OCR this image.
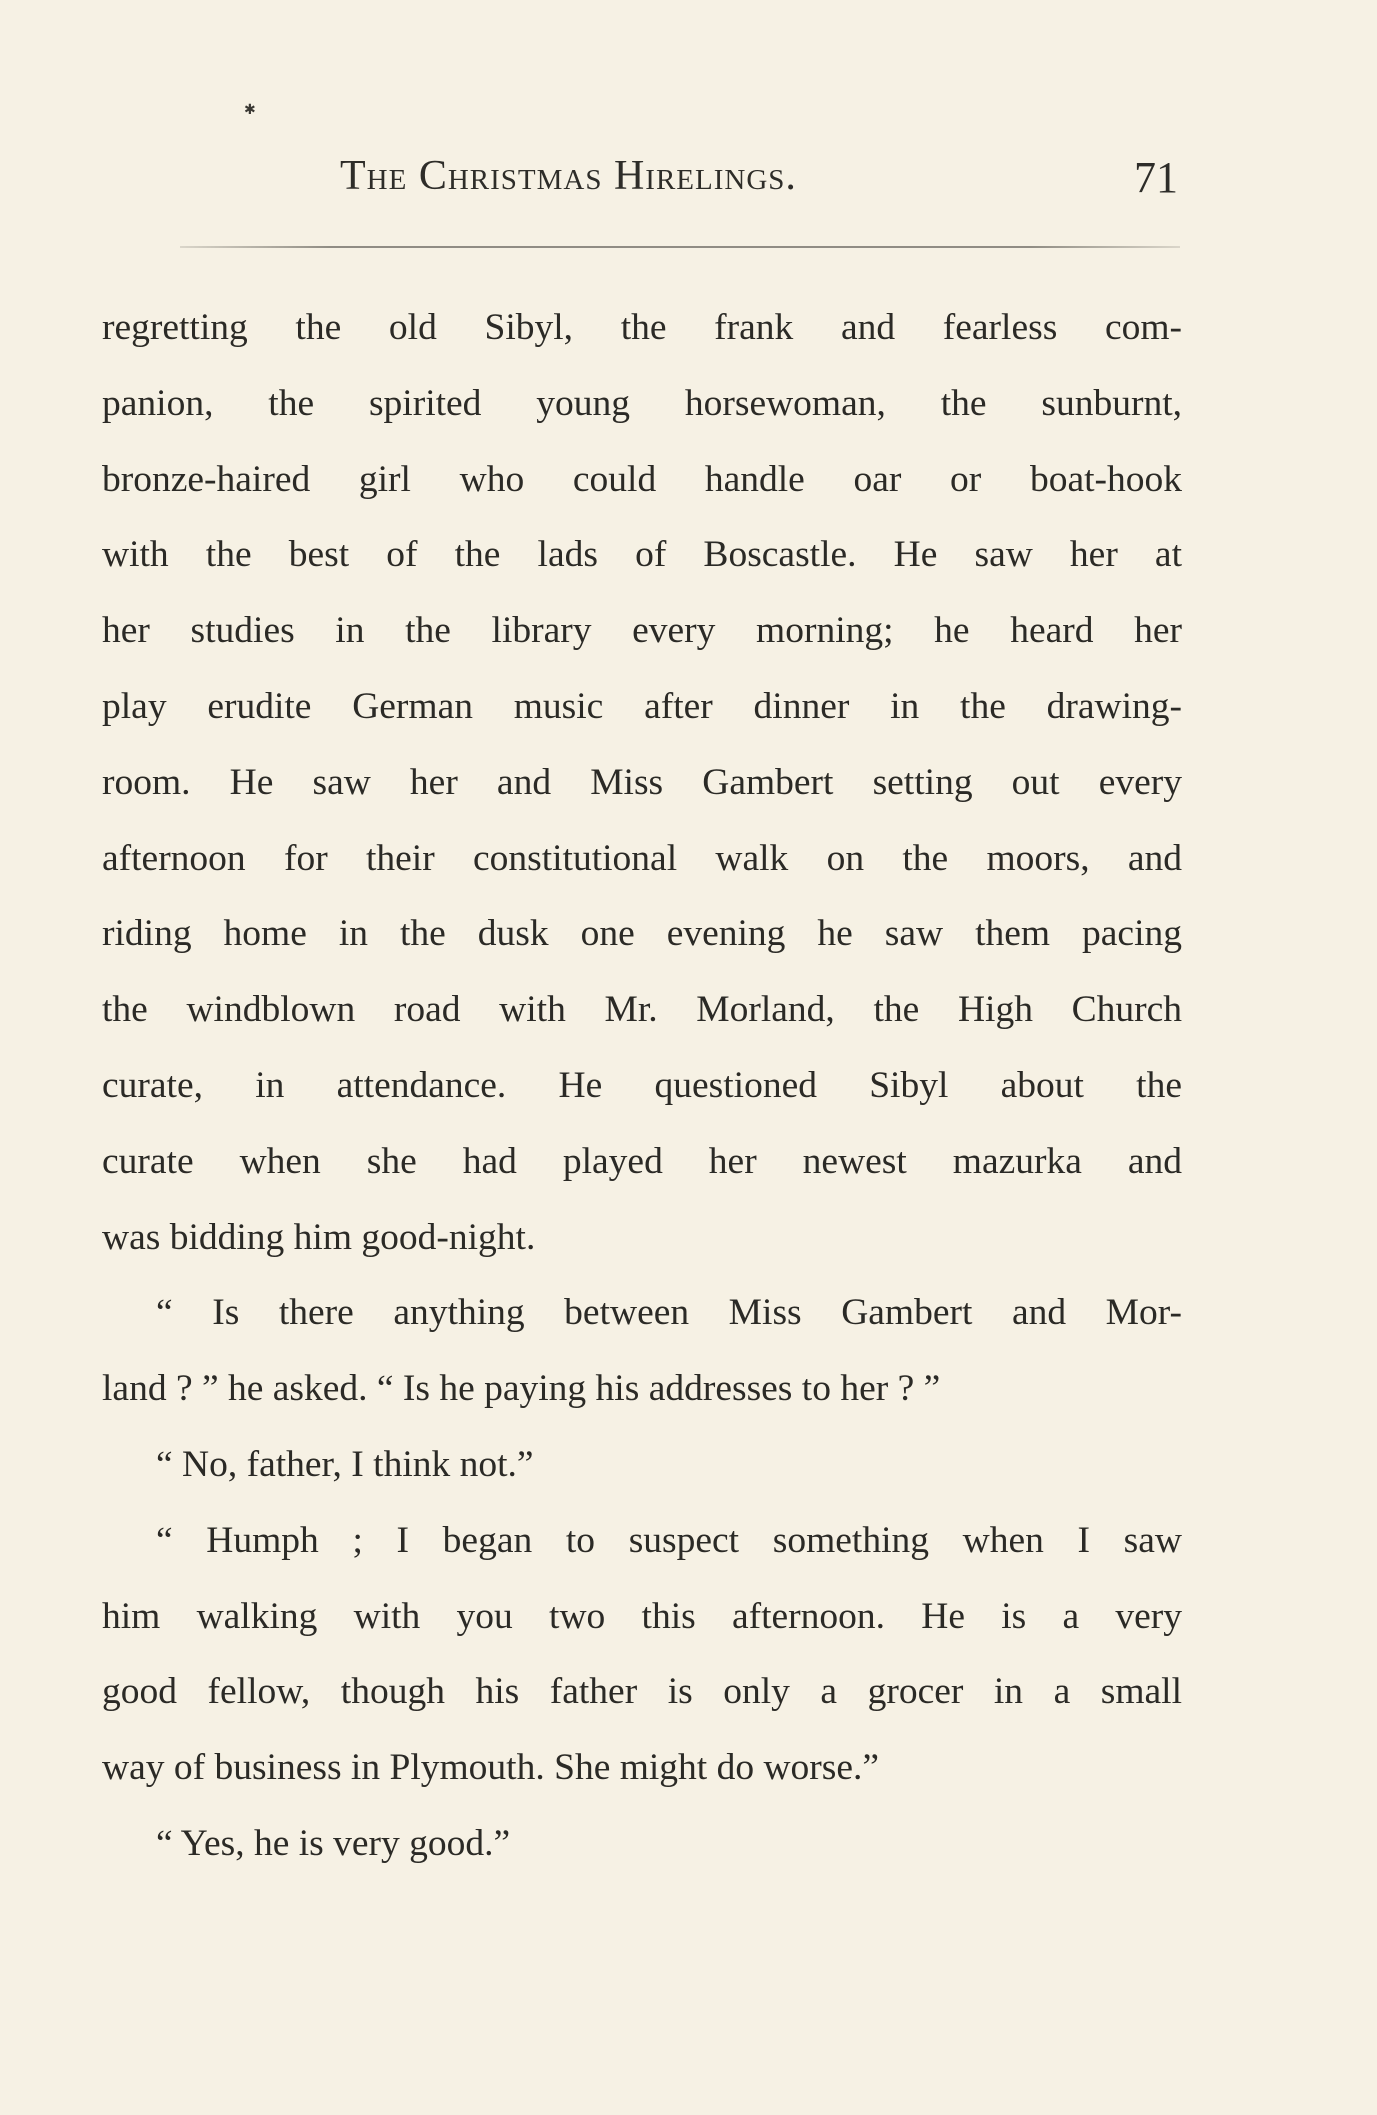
✱
The Christmas Hirelings.	71
regretting the old Sibyl, the frank and fearless com-
panion, the spirited young horsewoman, the sunburnt,
bronze-haired girl who could handle oar or boat-hook
with the best of the lads of Boscastle. He saw her at
her studies in the library every morning; he heard her
play erudite German music after dinner in the drawing-
room. He saw her and Miss Gambert setting out every
afternoon for their constitutional walk on the moors, and
riding home in the dusk one evening he saw them pacing
the windblown road with Mr. Morland, the High Church
curate, in attendance. He questioned Sibyl about the
curate when she had played her newest mazurka and
was bidding him good-night.
“ Is there anything between Miss Gambert and Mor-
land ? ” he asked. “ Is he paying his addresses to her ? ”
“ No, father, I think not.”
“ Humph ; I began to suspect something when I saw
him walking with you two this afternoon. He is a very
good fellow, though his father is only a grocer in a small
way of business in Plymouth. She might do worse.”
“ Yes, he is very good.”
